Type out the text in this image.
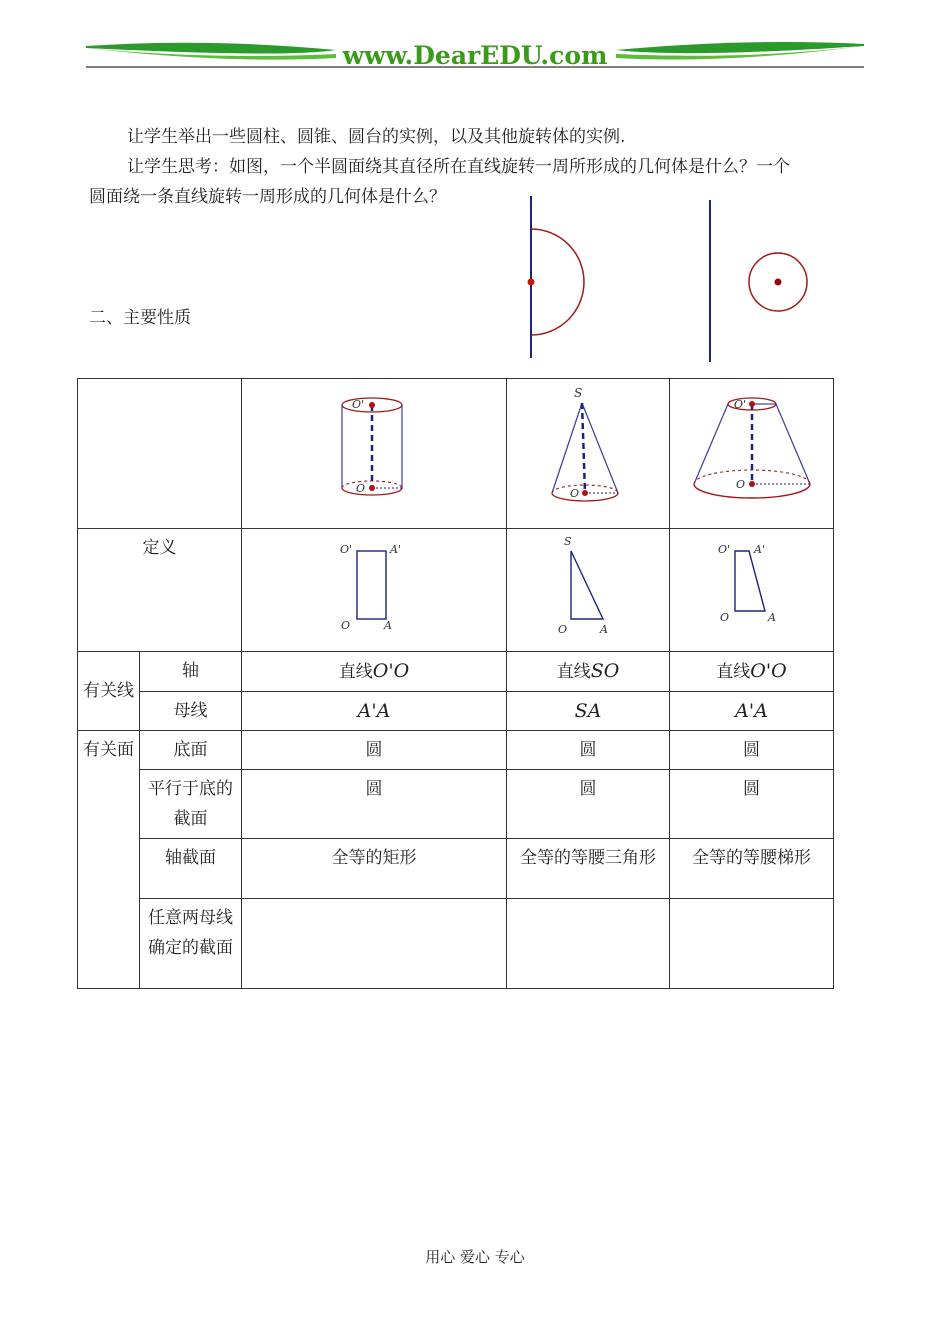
www.DearEDU.com
让学生举出一些圆柱、圆锥、圆台的实例，以及其他旋转体的实例.
让学生思考：如图，一个半圆面绕其直径所在直线旋转一周所形成的几何体是什么？一个
圆面绕一条直线旋转一周形成的几何体是什么？
二、主要性质

O'
O	S
O	O'
O

定义		O' A'
O A	S
O A	O' A'
O A

有关线	轴	直线O'O	直线SO	直线O'O
	母线	A'A	SA	A'A
有关面	底面	圆	圆	圆
	平行于底的截面	圆	圆	圆
	轴截面	全等的矩形	全等的等腰三角形	全等的等腰梯形
	任意两母线确定的截面			
用心 爱心 专心
